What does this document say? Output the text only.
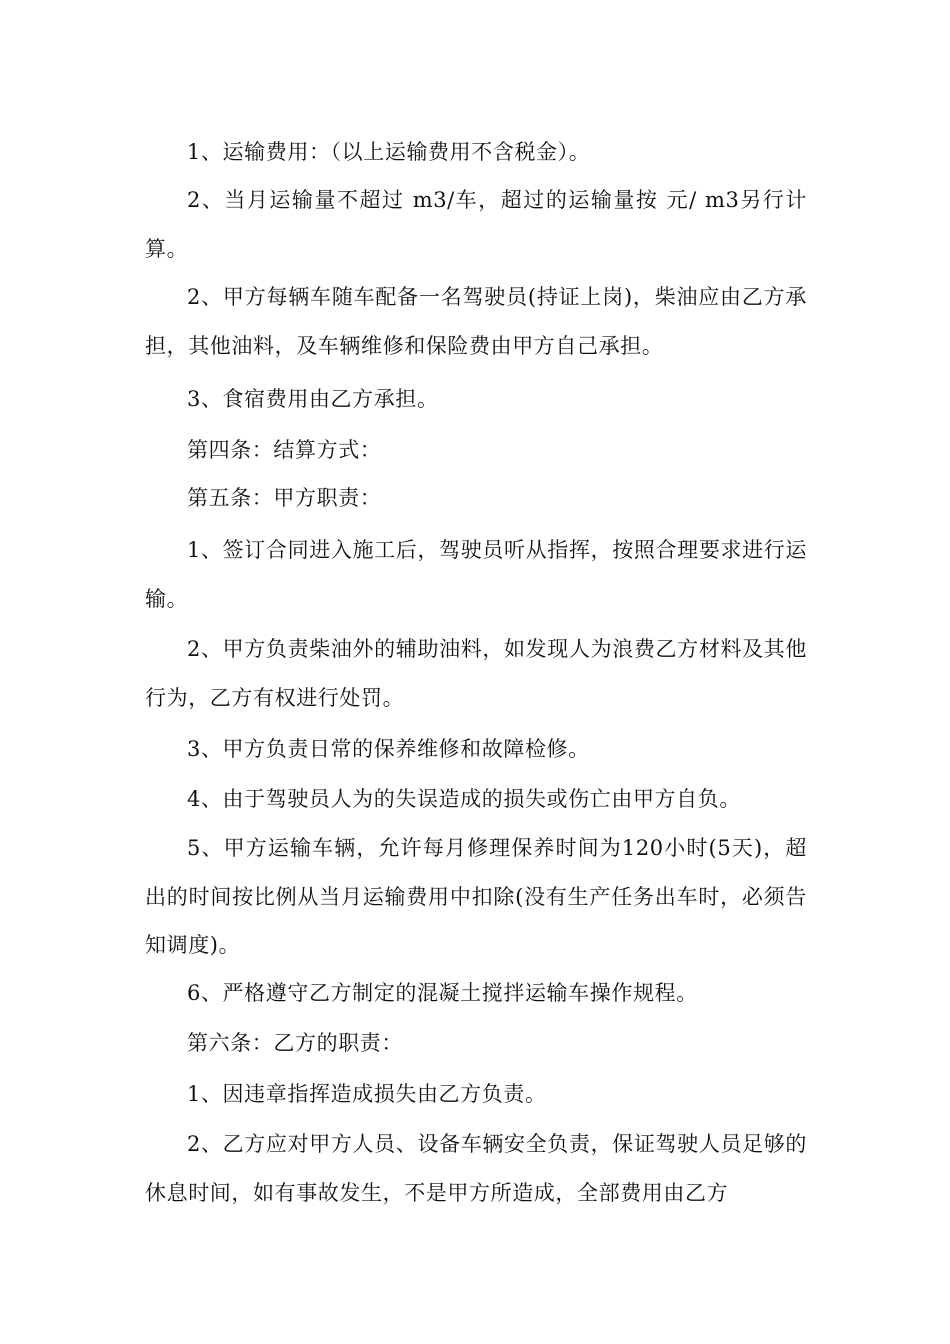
1、运输费用：（以上运输费用不含税金）。

2、当月运输量不超过 m3/车，超过的运输量按 元/ m3另行计算。

2、甲方每辆车随车配备一名驾驶员(持证上岗)，柴油应由乙方承担，其他油料，及车辆维修和保险费由甲方自己承担。

3、食宿费用由乙方承担。

第四条：结算方式：

第五条：甲方职责：

1、签订合同进入施工后，驾驶员听从指挥，按照合理要求进行运输。

2、甲方负责柴油外的辅助油料，如发现人为浪费乙方材料及其他行为，乙方有权进行处罚。

3、甲方负责日常的保养维修和故障检修。

4、由于驾驶员人为的失误造成的损失或伤亡由甲方自负。

5、甲方运输车辆，允许每月修理保养时间为120小时(5天)，超出的时间按比例从当月运输费用中扣除(没有生产任务出车时，必须告知调度)。

6、严格遵守乙方制定的混凝土搅拌运输车操作规程。

第六条：乙方的职责：

1、因违章指挥造成损失由乙方负责。

2、乙方应对甲方人员、设备车辆安全负责，保证驾驶人员足够的休息时间，如有事故发生，不是甲方所造成，全部费用由乙方
